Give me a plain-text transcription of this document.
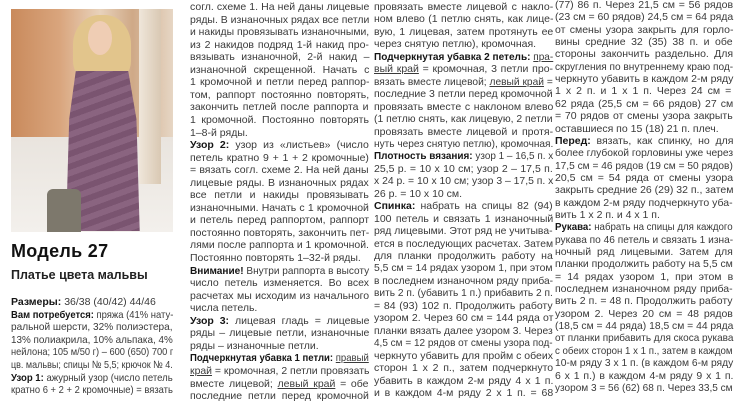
Модель 27
Платье цвета мальвы
Размеры: 36/38 (40/42) 44/46
Вам потребуется: пряжа (41% нату-
ральной шерсти, 32% полиэстера,
13% полиакрила, 10% альпака, 4%
нейлона; 105 м/50 г) – 600 (650) 700 г
цв. мальвы; спицы № 5,5; крючок № 4.
Узор 1: ажурный узор (число петель
кратно 6 + 2 + 2 кромочные) = вязать
согл. схеме 1. На ней даны лицевые
ряды. В изнаночных рядах все петли
и накиды провязывать изнаночными,
из 2 накидов подряд 1-й накид про-
вязывать изнаночной, 2-й накид –
изнаночной скрещенной. Начать с
1 кромочной и петли перед раппор-
том, раппорт постоянно повторять,
закончить петлей после раппорта и
1 кромочной. Постоянно повторять
1–8-й ряды.
Узор 2: узор из «листьев» (число
петель кратно 9 + 1 + 2 кромочные)
= вязать согл. схеме 2. На ней даны
лицевые ряды. В изнаночных рядах
все петли и накиды провязывать
изнаночными. Начать с 1 кромочной
и петель перед раппортом, раппорт
постоянно повторять, закончить пет-
лями после раппорта и 1 кромочной.
Постоянно повторять 1–32-й ряды.
Внимание! Внутри раппорта в высоту
число петель изменяется. Во всех
расчетах мы исходим из начального
числа петель.
Узор 3: лицевая гладь = лицевые
ряды – лицевые петли, изнаночные
ряды – изнаночные петли.
Подчеркнутая убавка 1 петли: правый
край = кромочная, 2 петли провязать
вместе лицевой; левый край = обе
последние петли перед кромочной
провязать вместе лицевой с накло-
ном влево (1 петлю снять, как лице-
вую, 1 лицевая, затем протянуть ее
через снятую петлю), кромочная.
Подчеркнутая убавка 2 петель: пра-
вый край = кромочная, 3 петли про-
вязать вместе лицевой; левый край =
последние 3 петли перед кромочной
провязать вместе с наклоном влево
(1 петлю снять, как лицевую, 2 петли
провязать вместе лицевой и протя-
нуть через снятую петлю), кромочная.
Плотность вязания: узор 1 – 16,5 п. х
25,5 р. = 10 х 10 см; узор 2 – 17,5 п.
х 24 р. = 10 х 10 см; узор 3 – 17,5 п. х
26 р. = 10 х 10 см.
Спинка: набрать на спицы 82 (94)
100 петель и связать 1 изнаночный
ряд лицевыми. Этот ряд не учитыва-
ется в последующих расчетах. Затем
для планки продолжить работу на
5,5 см = 14 рядах узором 1, при этом
в последнем изнаночном ряду приба-
вить 2 п. (убавить 1 п.) прибавить 2 п.
= 84 (93) 102 п. Продолжить работу
узором 2. Через 60 см = 144 ряда от
планки вязать далее узором 3. Через
4,5 см = 12 рядов от смены узора под-
черкнуто убавить для пройм с обеих
сторон 1 х 2 п., затем подчеркнуто
убавить в каждом 2-м ряду 4 х 1 п.
и в каждом 4-м ряду 2 х 1 п. = 68
(77) 86 п. Через 21,5 см = 56 рядов
(23 см = 60 рядов) 24,5 см = 64 ряда
от смены узора закрыть для горло-
вины средние 32 (35) 38 п. и обе
стороны закончить раздельно. Для
скругления по внутреннему краю под-
черкнуто убавить в каждом 2-м ряду
1 х 2 п. и 1 х 1 п. Через 24 см =
62 ряда (25,5 см = 66 рядов) 27 см
= 70 рядов от смены узора закрыть
оставшиеся по 15 (18) 21 п. плеч.
Перед: вязать, как спинку, но для
более глубокой горловины уже через
17,5 см = 46 рядов (19 см = 50 рядов)
20,5 см = 54 ряда от смены узора
закрыть средние 26 (29) 32 п., затем
в каждом 2-м ряду подчеркнуто уба-
вить 1 х 2 п. и 4 х 1 п.
Рукава: набрать на спицы для каждого
рукава по 46 петель и связать 1 изна-
ночный ряд лицевыми. Затем для
планки продолжить работу на 5,5 см
= 14 рядах узором 1, при этом в
последнем изнаночном ряду приба-
вить 2 п. = 48 п. Продолжить работу
узором 2. Через 20 см = 48 рядов
(18,5 см = 44 ряда) 18,5 см = 44 ряда
от планки прибавить для скоса рукава
с обеих сторон 1 х 1 п., затем в каждом
10-м ряду 3 х 1 п. (в каждом 6-м ряду
6 х 1 п.) в каждом 4-м ряду 9 х 1 п.
узором 3 = 56 (62) 68 п. Через 33,5 см
